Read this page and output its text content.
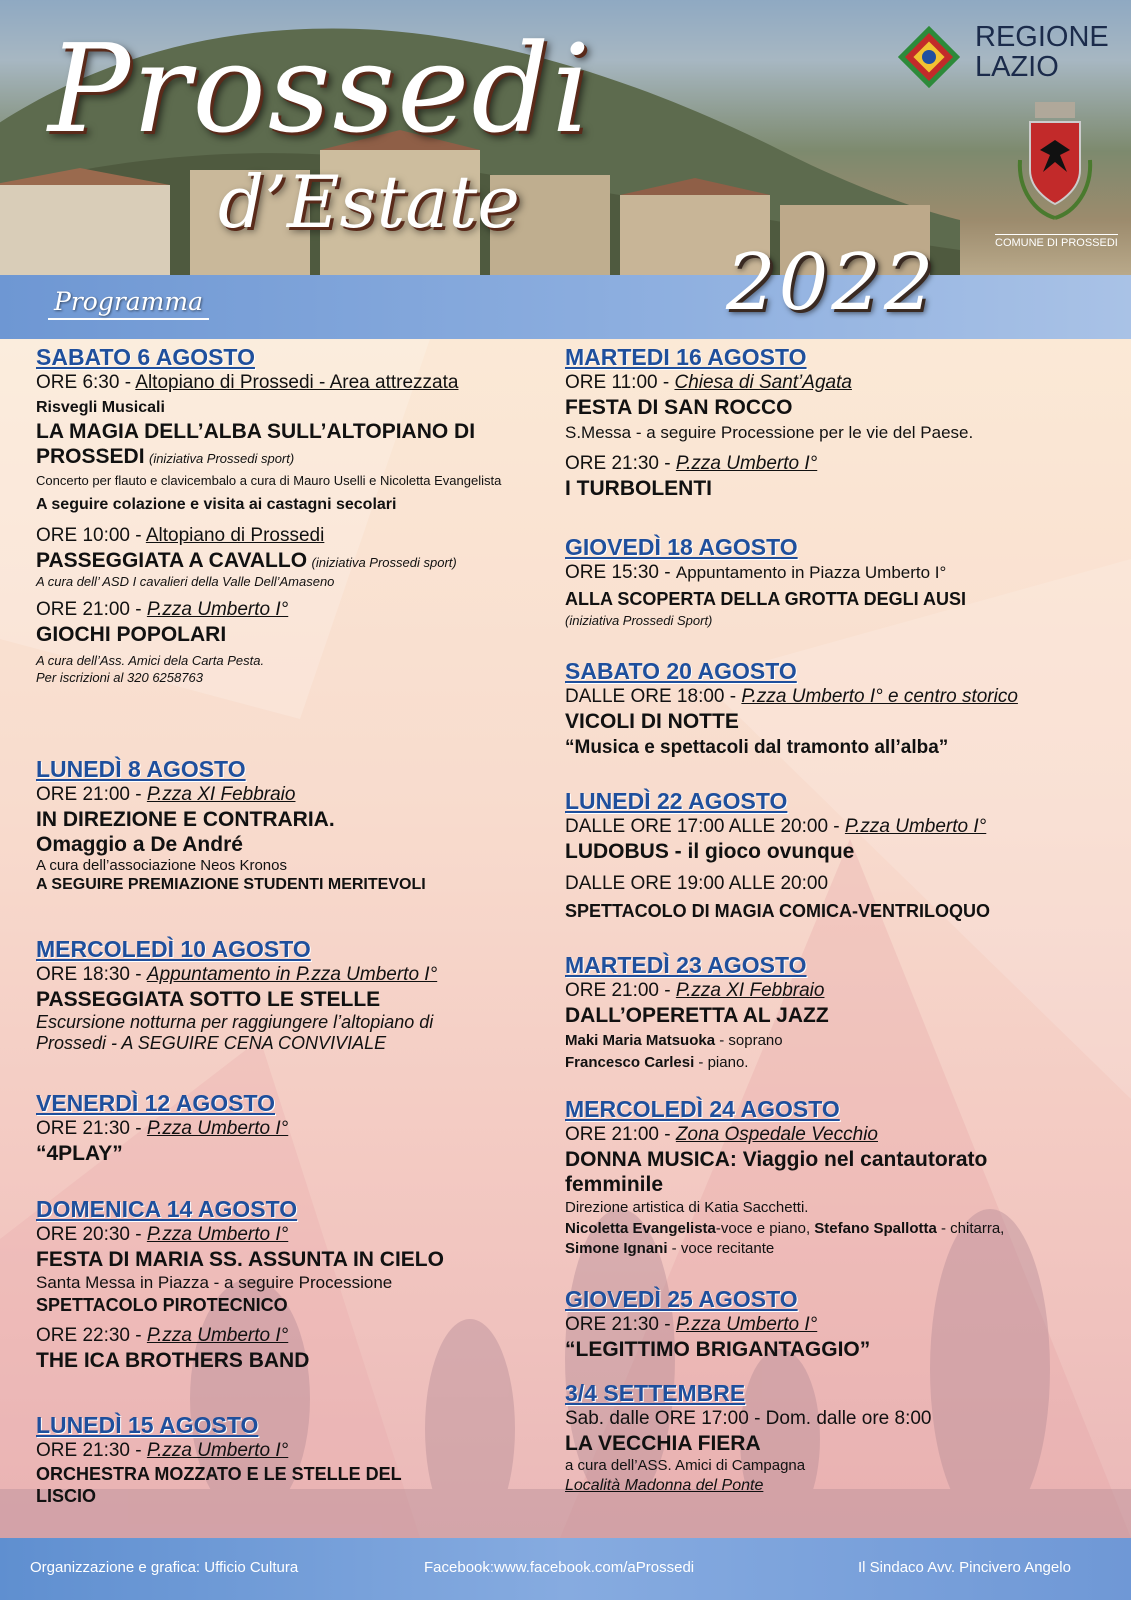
Prossedi
d’Estate
REGIONE
LAZIO
COMUNE DI PROSSEDI
Programma	2022
SABATO 6 AGOSTO
ORE 6:30 - Altopiano di Prossedi - Area attrezzata
Risvegli Musicali
LA MAGIA DELL’ALBA SULL’ALTOPIANO DI
PROSSEDI (iniziativa Prossedi sport)
Concerto per flauto e clavicembalo a cura di Mauro Uselli e Nicoletta Evangelista
A seguire colazione e visita ai castagni secolari
ORE 10:00 - Altopiano di Prossedi
PASSEGGIATA A CAVALLO (iniziativa Prossedi sport)
A cura dell’ ASD I cavalieri della Valle Dell’Amaseno
ORE 21:00 - P.zza Umberto I°
GIOCHI POPOLARI
A cura dell’Ass. Amici dela Carta Pesta.
Per iscrizioni al 320 6258763
LUNEDÌ 8 AGOSTO
ORE 21:00 - P.zza XI Febbraio
IN DIREZIONE E CONTRARIA.
Omaggio a De André
A cura dell’associazione Neos Kronos
A SEGUIRE PREMIAZIONE STUDENTI MERITEVOLI
MERCOLEDÌ 10 AGOSTO
ORE 18:30 - Appuntamento in P.zza Umberto I°
PASSEGGIATA SOTTO LE STELLE
Escursione notturna per raggiungere l’altopiano di
Prossedi - A SEGUIRE CENA CONVIVIALE
VENERDÌ 12 AGOSTO
ORE 21:30 - P.zza Umberto I°
“4PLAY”
DOMENICA 14 AGOSTO
ORE 20:30 - P.zza Umberto I°
FESTA DI MARIA SS. ASSUNTA IN CIELO
Santa Messa in Piazza - a seguire Processione
SPETTACOLO PIROTECNICO
ORE 22:30 - P.zza Umberto I°
THE ICA BROTHERS BAND
LUNEDÌ 15 AGOSTO
ORE 21:30 - P.zza Umberto I°
ORCHESTRA MOZZATO E LE STELLE DEL
LISCIO
MARTEDI 16 AGOSTO
ORE 11:00 - Chiesa di Sant’Agata
FESTA DI SAN ROCCO
S.Messa - a seguire Processione per le vie del Paese.
ORE 21:30 - P.zza Umberto I°
I TURBOLENTI
GIOVEDÌ 18 AGOSTO
ORE 15:30 - Appuntamento in Piazza Umberto I°
ALLA SCOPERTA DELLA GROTTA DEGLI AUSI
(iniziativa Prossedi Sport)
SABATO 20 AGOSTO
DALLE ORE 18:00 - P.zza Umberto I° e centro storico
VICOLI DI NOTTE
“Musica e spettacoli dal tramonto all’alba”
LUNEDÌ 22 AGOSTO
DALLE ORE 17:00 ALLE 20:00 - P.zza Umberto I°
LUDOBUS - il gioco ovunque
DALLE ORE 19:00 ALLE 20:00
SPETTACOLO DI MAGIA COMICA-VENTRILOQUO
MARTEDÌ 23 AGOSTO
ORE 21:00 - P.zza XI Febbraio
DALL’OPERETTA AL JAZZ
Maki Maria Matsuoka - soprano
Francesco Carlesi - piano.
MERCOLEDÌ 24 AGOSTO
ORE 21:00 - Zona Ospedale Vecchio
DONNA MUSICA: Viaggio nel cantautorato
femminile
Direzione artistica di Katia Sacchetti.
Nicoletta Evangelista-voce e piano, Stefano Spallotta - chitarra,
Simone Ignani - voce recitante
GIOVEDÌ 25 AGOSTO
ORE 21:30 - P.zza Umberto I°
“LEGITTIMO BRIGANTAGGIO”
3/4 SETTEMBRE
Sab. dalle ORE 17:00 - Dom. dalle ore 8:00
LA VECCHIA FIERA
a cura dell’ASS. Amici di Campagna
Località Madonna del Ponte
Organizzazione e grafica: Ufficio Cultura	Facebook:www.facebook.com/aProssedi	Il Sindaco Avv. Pincivero Angelo
